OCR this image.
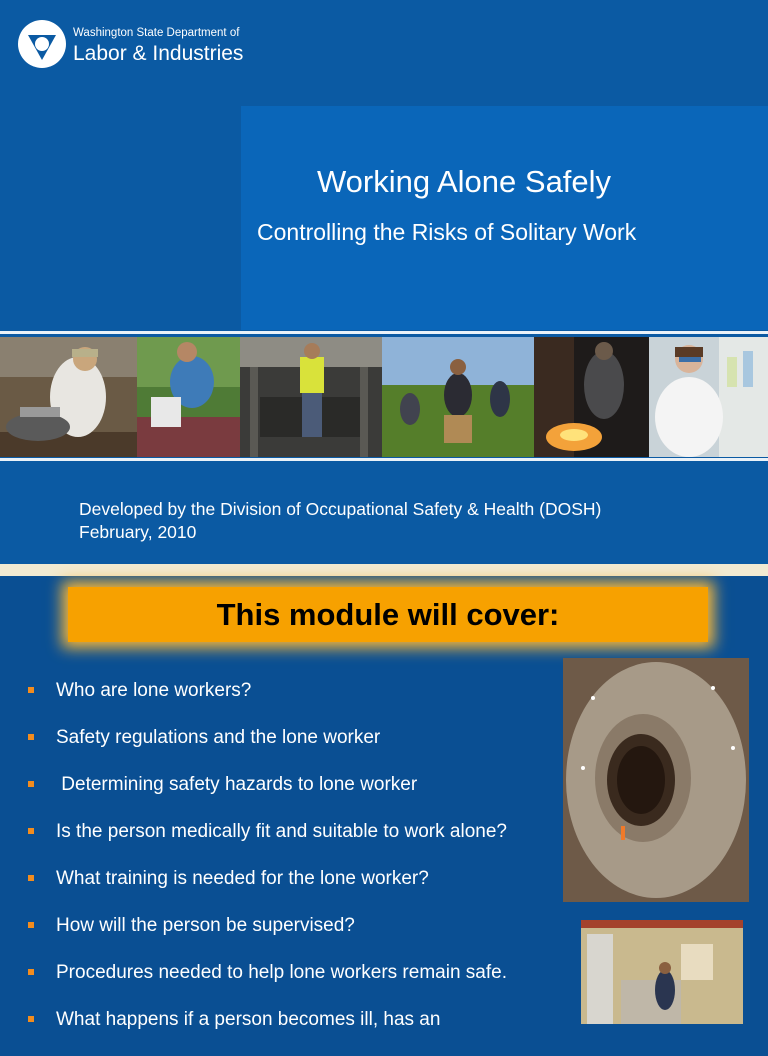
Washington State Department of
Labor & Industries
Working Alone Safely
Controlling the Risks of Solitary Work
Developed by the Division of Occupational Safety & Health (DOSH)
February, 2010
This module will cover:
Who are lone workers?
Safety regulations and the lone worker
Determining safety hazards to lone worker
Is the person medically fit and suitable to work alone?
What training is needed for the lone worker?
How will the person be supervised?
Procedures needed to help lone workers remain safe.
What happens if a person becomes ill, has an
